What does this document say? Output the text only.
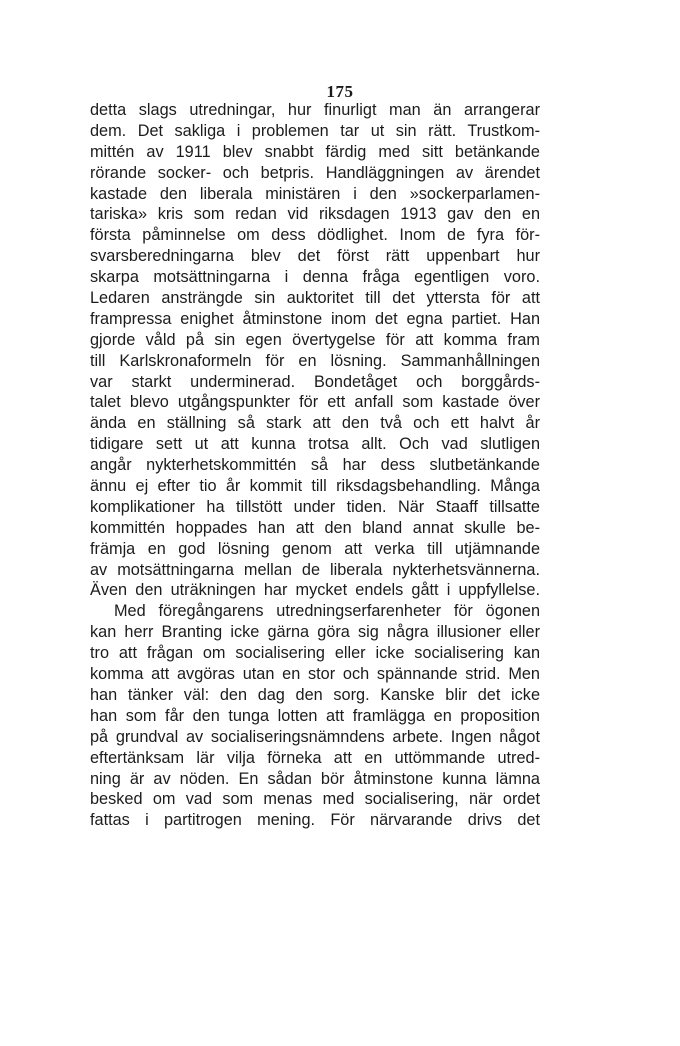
175
detta slags utredningar, hur finurligt man än arrangerar
dem. Det sakliga i problemen tar ut sin rätt. Trustkom-
mittén av 1911 blev snabbt färdig med sitt betänkande
rörande socker- och betpris. Handläggningen av ärendet
kastade den liberala ministären i den »sockerparlamen-
tariska» kris som redan vid riksdagen 1913 gav den en
första påminnelse om dess dödlighet. Inom de fyra för-
svarsberedningarna blev det först rätt uppenbart hur
skarpa motsättningarna i denna fråga egentligen voro.
Ledaren ansträngde sin auktoritet till det yttersta för att
frampressa enighet åtminstone inom det egna partiet. Han
gjorde våld på sin egen övertygelse för att komma fram
till Karlskronaformeln för en lösning. Sammanhållningen
var starkt underminerad. Bondetåget och borggårds-
talet blevo utgångspunkter för ett anfall som kastade över
ända en ställning så stark att den två och ett halvt år
tidigare sett ut att kunna trotsa allt. Och vad slutligen
angår nykterhetskommittén så har dess slutbetänkande
ännu ej efter tio år kommit till riksdagsbehandling. Många
komplikationer ha tillstött under tiden. När Staaff tillsatte
kommittén hoppades han att den bland annat skulle be-
främja en god lösning genom att verka till utjämnande
av motsättningarna mellan de liberala nykterhetsvännerna.
Även den uträkningen har mycket endels gått i uppfyllelse.
Med föregångarens utredningserfarenheter för ögonen
kan herr Branting icke gärna göra sig några illusioner eller
tro att frågan om socialisering eller icke socialisering kan
komma att avgöras utan en stor och spännande strid. Men
han tänker väl: den dag den sorg. Kanske blir det icke
han som får den tunga lotten att framlägga en proposition
på grundval av socialiseringsnämndens arbete. Ingen något
eftertänksam lär vilja förneka att en uttömmande utred-
ning är av nöden. En sådan bör åtminstone kunna lämna
besked om vad som menas med socialisering, när ordet
fattas i partitrogen mening. För närvarande drivs det
